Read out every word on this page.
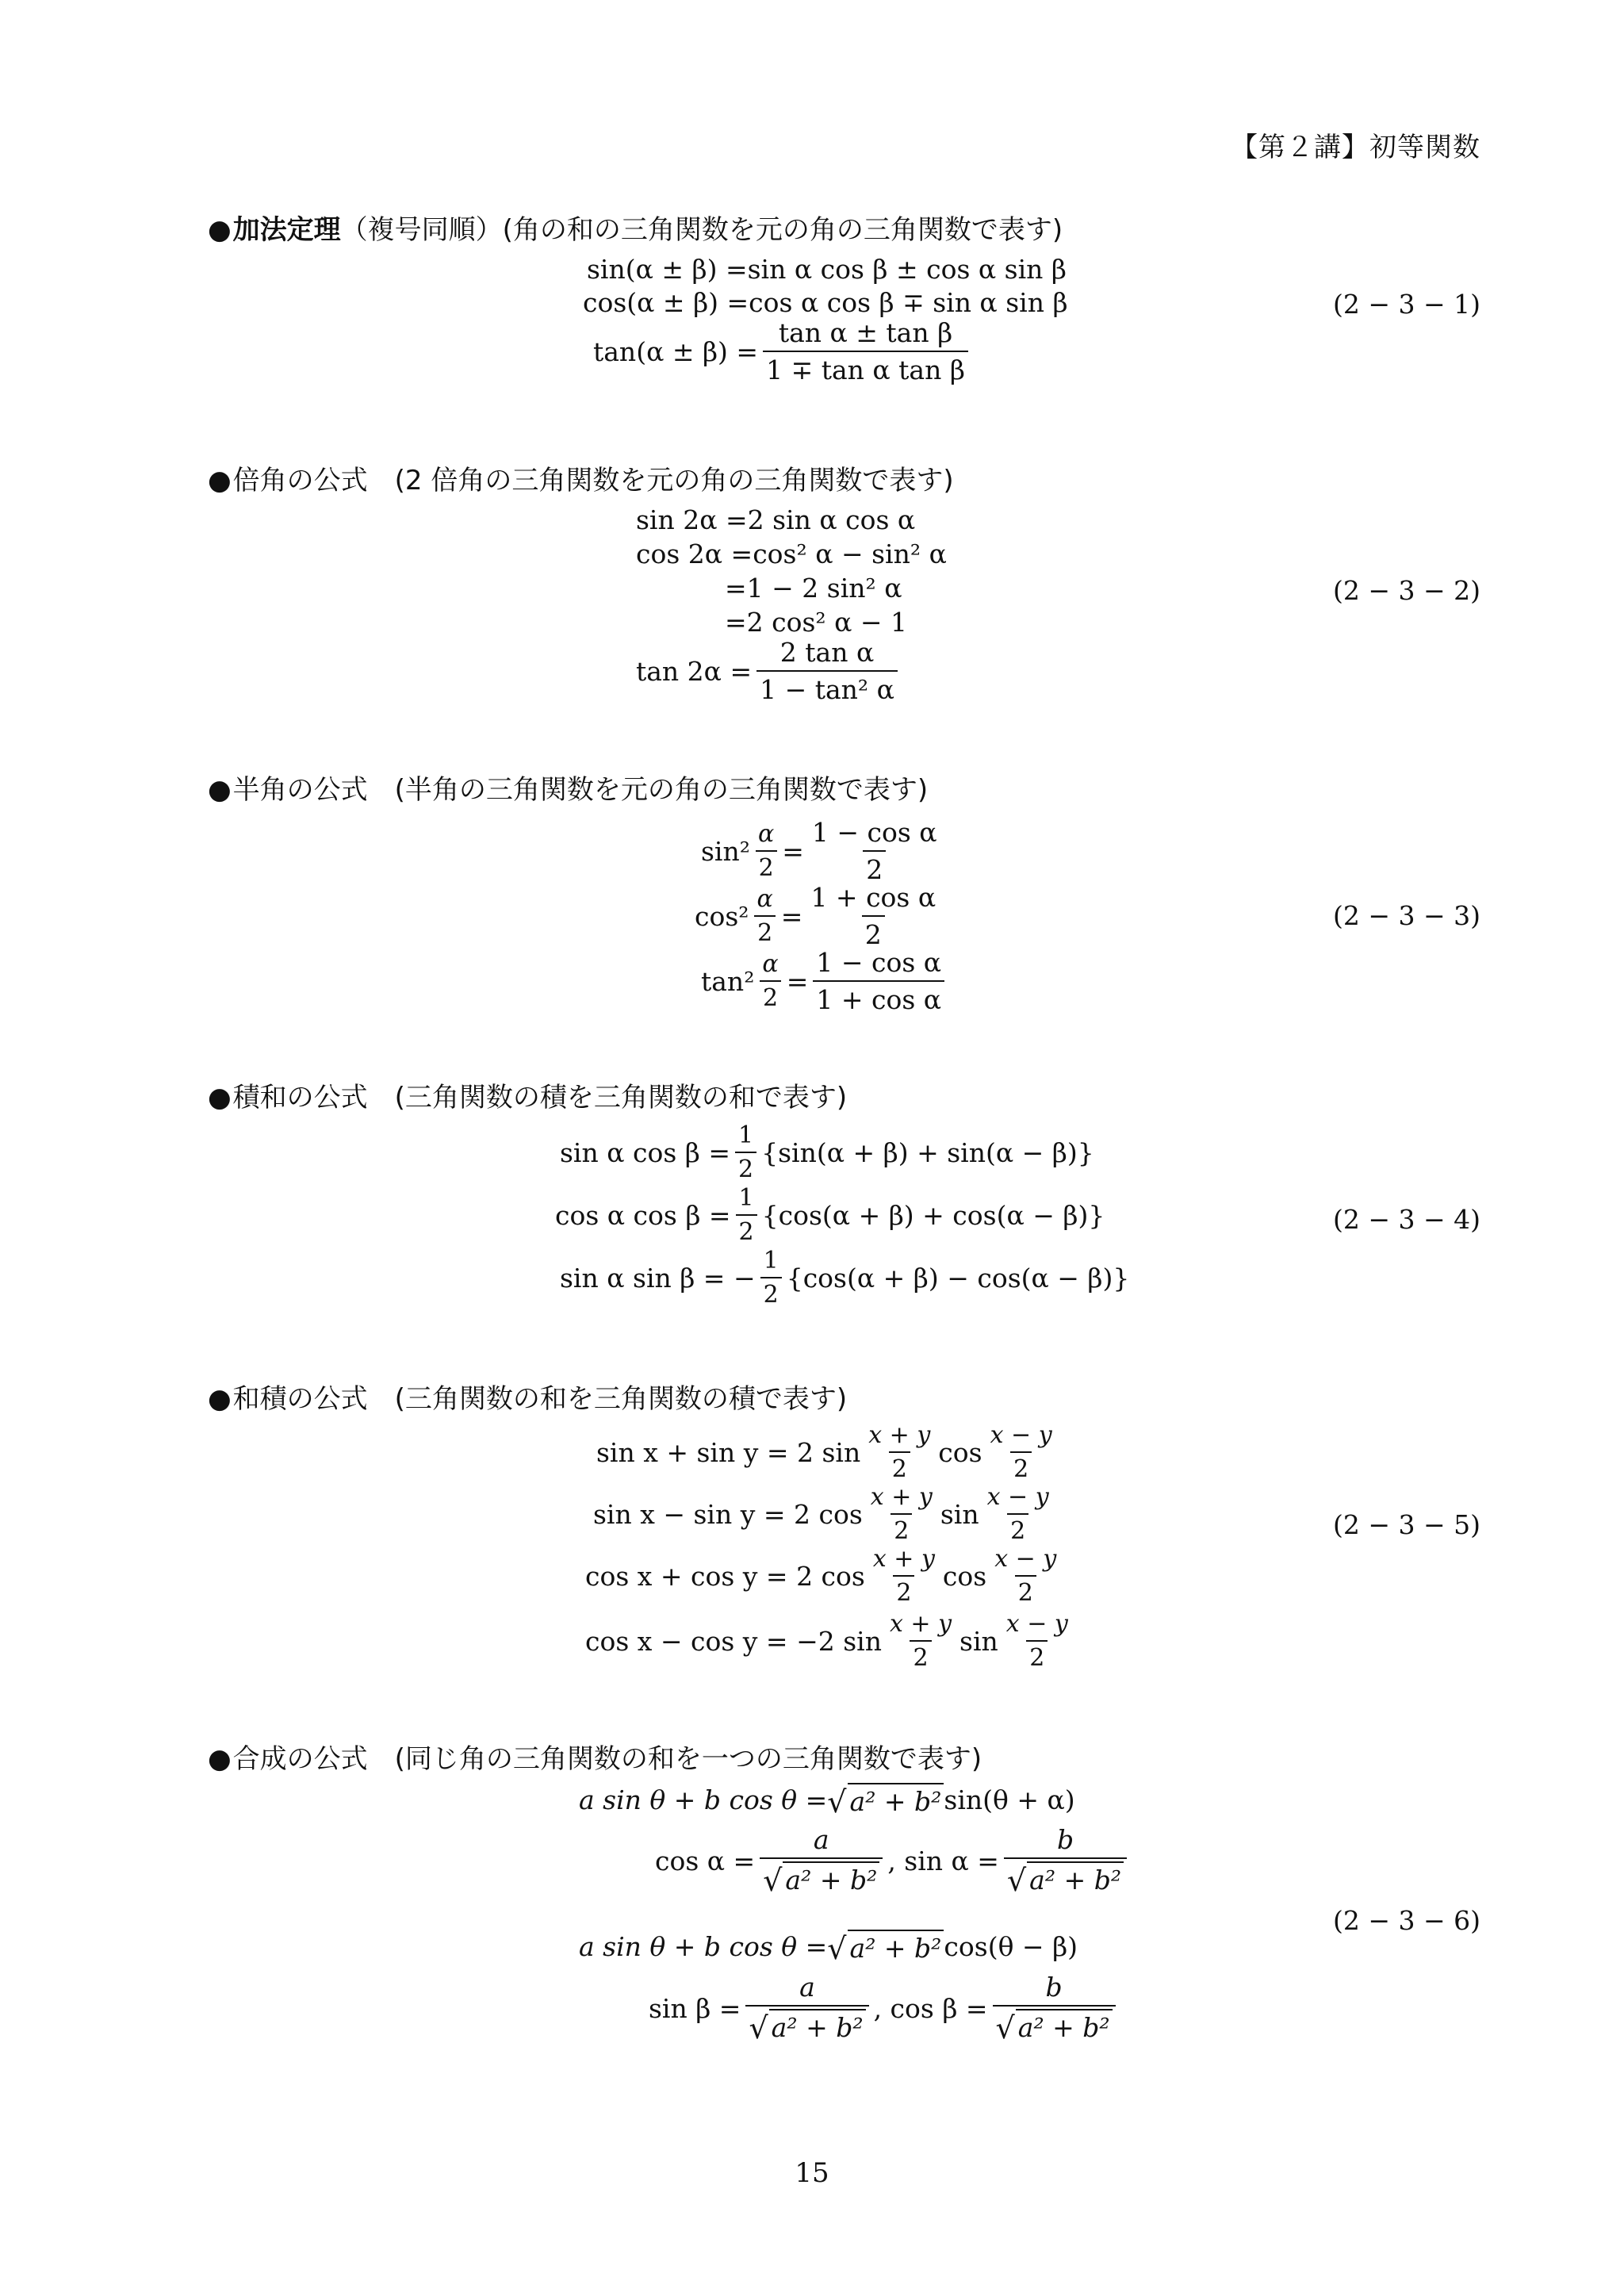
【第２講】初等関数
●加法定理（複号同順）(角の和の三角関数を元の角の三角関数で表す)
sin(α ± β) = sin α cos β ± cos α sin β
cos(α ± β) = cos α cos β ∓ sin α sin β
$\tan(\alpha \pm \beta) = \frac{\text{tan α ± tan β}}{\text{1 ∓ tan α tan β}}$
(2 − 3 − 1)
●倍角の公式　(2 倍角の三角関数を元の角の三角関数で表す)
sin 2α = 2 sin α cos α
cos 2α = cos² α − sin² α
= 1 − 2 sin² α
= 2 cos² α − 1
$\tan 2\alpha = \frac{\text{2 tan α}}{\text{1 − tan² α}}$
(2 − 3 − 2)
●半角の公式　(半角の三角関数を元の角の三角関数で表す)
$\sin^2 \frac{\alpha}{2} = \frac{\text{1 − cos α}}{2}$
$\cos^2 \frac{\alpha}{2} = \frac{\text{1 + cos α}}{2}$
$\tan^2 \frac{\alpha}{2} = \frac{\text{1 − cos α}}{\text{1 + cos α}}$
(2 − 3 − 3)
●積和の公式　(三角関数の積を三角関数の和で表す)
sin α $\cos \beta = \frac{1}{2} \{\sin(\alpha + \beta) + \sin(\alpha - \beta)\}$
cos α $\cos \beta = \frac{1}{2} \{\cos(\alpha + \beta) + \cos(\alpha - \beta)\}$
sin α sin β = − $\frac{1}{2} \{\cos(\alpha + \beta) - \cos(\alpha - \beta)\}$
(2 − 3 − 4)
●和積の公式　(三角関数の和を三角関数の積で表す)
sin x + sin y = 2 $\sin \frac{x + y}{2}$ $\cos \frac{x - y}{2}$
sin x − sin y = 2 $\cos \frac{x + y}{2}$ $\sin \frac{x - y}{2}$
cos x + cos y = 2 $\cos \frac{x + y}{2}$ $\cos \frac{x - y}{2}$
cos x − cos y = −2 $\sin \frac{x + y}{2}$ $\sin \frac{x - y}{2}$
(2 − 3 − 5)
●合成の公式　(同じ角の三角関数の和を一つの三角関数で表す)
a sin θ + b cos θ = √ a² + b² sin(θ + α)
$\cos \alpha = \frac{a}{\text{√ a² + b²}}$ , $\sin \alpha = \frac{b}{\text{√ a² + b²}}$
a sin θ + b cos θ = √ a² + b² cos(θ − β)
$\sin \beta = \frac{a}{\text{√ a² + b²}}$ , $\cos \beta = \frac{b}{\text{√ a² + b²}}$
(2 − 3 − 6)
15
